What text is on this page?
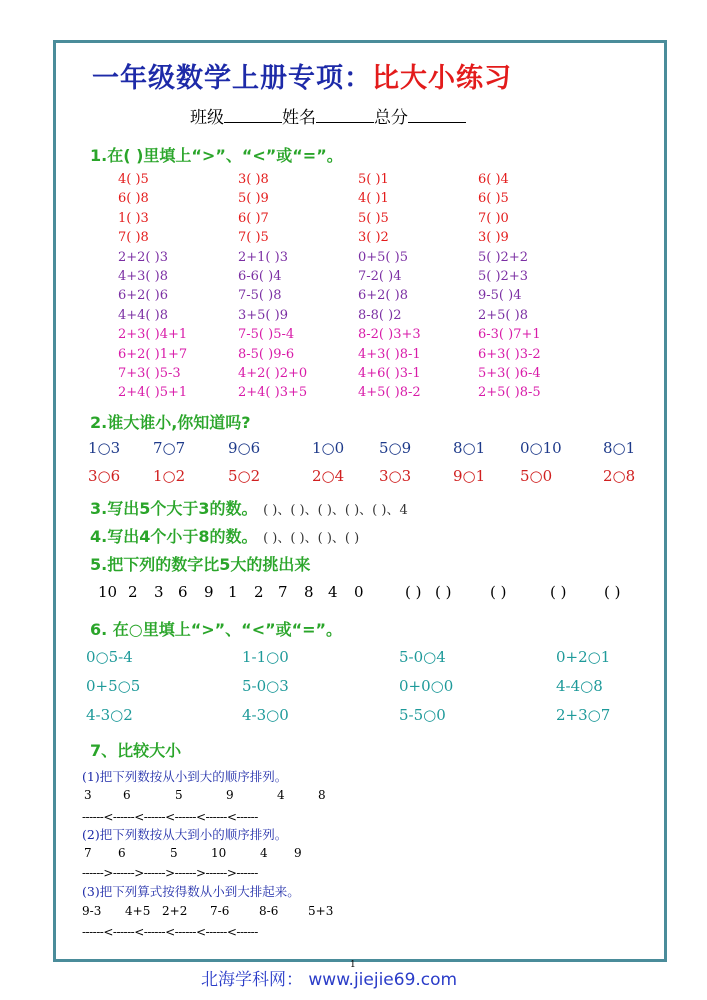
一年级数学上册专项：比大小练习
班级	姓名	总分
1.在( )里填上“>”、“<”或“=”。
4( )5	3( )8	5( )1	6( )4
6( )8	5( )9	4( )1	6( )5
1( )3	6( )7	5( )5	7( )0
7( )8	7( )5	3( )2	3( )9
2+2( )3	2+1( )3	0+5( )5	5( )2+2
4+3( )8	6-6( )4	7-2( )4	5( )2+3
6+2( )6	7-5( )8	6+2( )8	9-5( )4
4+4( )8	3+5( )9	8-8( )2	2+5( )8
2+3( )4+1	7-5( )5-4	8-2( )3+3	6-3( )7+1
6+2( )1+7	8-5( )9-6	4+3( )8-1	6+3( )3-2
7+3( )5-3	4+2( )2+0	4+6( )3-1	5+3( )6-4
2+4( )5+1	2+4( )3+5	4+5( )8-2	2+5( )8-5
2.谁大谁小,你知道吗?
1○3 7○7	9○6	1○0 5○9	8○1 0○10	8○1
3○6 1○2	5○2	2○4 3○3	9○1 5○0	2○8
3.写出5个大于3的数。 ( )、( )、( )、( )、( )、4
4.写出4个小于8的数。 ( )、( )、( )、( )
5.把下列的数字比5大的挑出来
10 2 3 6 9 1 2 7 8 4 0	( ) ( )	( )	( )	( )
6. 在○里填上“>”、“<”或“=”。
0○5-4	1-1○0	5-0○4	0+2○1
0+5○5	5-0○3	0+0○0	4-4○8
4-3○2	4-3○0	5-5○0	2+3○7
7、比较大小
(1)把下列数按从小到大的顺序排列。
3	6	5	9	4	8
------<------<------<------<------<------
(2)把下列数按从大到小的顺序排列。
7 6	5	10	4 9
------>------>------>------>------>------
(3)把下列算式按得数从小到大排起来。
9-3 4+5 2+2 7-6 8-6 5+3
------<------<------<------<------<------
1
北海学科网： www.jiejie69.com
